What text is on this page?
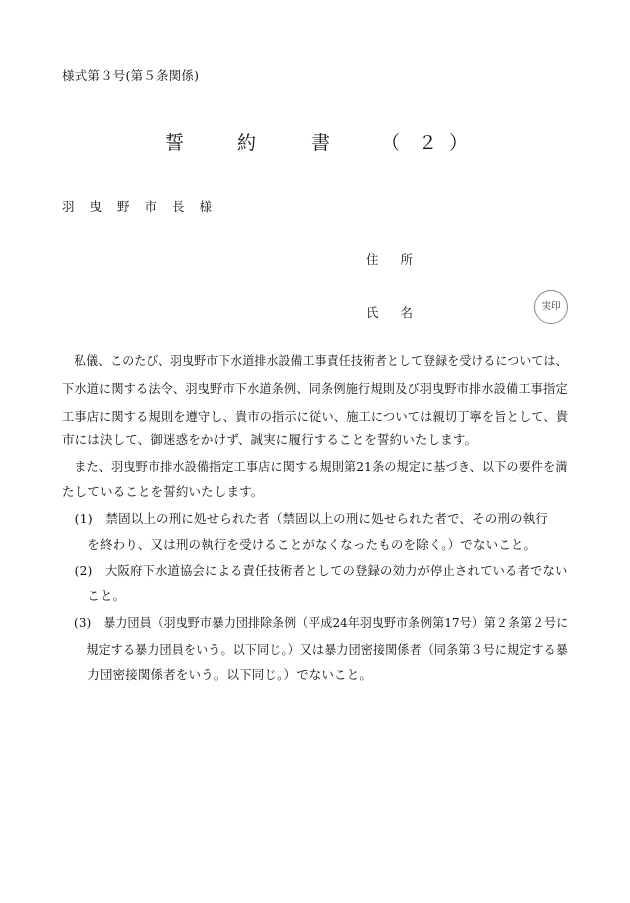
様式第３号(第５条関係)
誓	約	書	（ ２ ）
羽曳野市長様
住所
氏名	実印
　私儀、このたび、羽曳野市下水道排水設備工事責任技術者として登録を受けるについては、
下水道に関する法令、羽曳野市下水道条例、同条例施行規則及び羽曳野市排水設備工事指定
工事店に関する規則を遵守し、貴市の指示に従い、施工については親切丁寧を旨として、貴
市には決して、御迷惑をかけず、誠実に履行することを誓約いたします。
　また、羽曳野市排水設備指定工事店に関する規則第21条の規定に基づき、以下の要件を満
たしていることを誓約いたします。
　(1)　禁固以上の刑に処せられた者（禁固以上の刑に処せられた者で、その刑の執行
　　を終わり、又は刑の執行を受けることがなくなったものを除く。）でないこと。
　(2)　大阪府下水道協会による責任技術者としての登録の効力が停止されている者でない
　　こと。
　(3)　暴力団員（羽曳野市暴力団排除条例（平成24年羽曳野市条例第17号）第２条第２号に
　　規定する暴力団員をいう。以下同じ。）又は暴力団密接関係者（同条第３号に規定する暴
　　力団密接関係者をいう。以下同じ。）でないこと。
